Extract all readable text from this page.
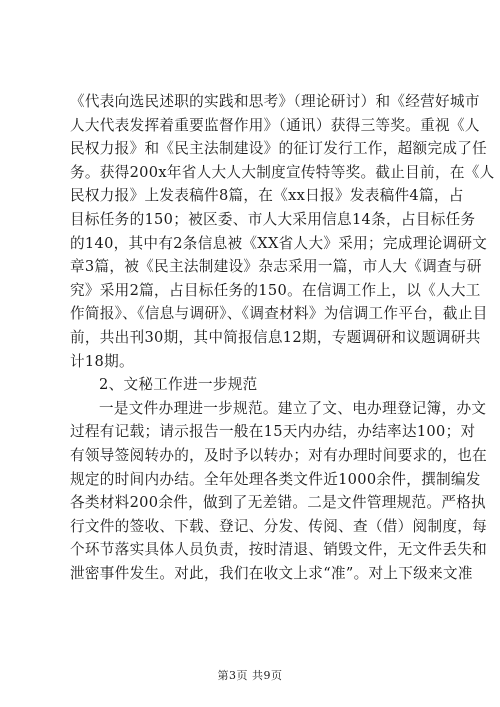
《代表向选民述职的实践和思考》（理论研讨）和《经营好城市
人大代表发挥着重要监督作用》（通讯）获得三等奖。重视《人
民权力报》和《民主法制建设》的征订发行工作，超额完成了任
务。获得200x年省人大人大制度宣传特等奖。截止目前，在《人
民权力报》上发表稿件8篇，在《xx日报》发表稿件4篇，占
目标任务的150；被区委、市人大采用信息14条，占目标任务
的140，其中有2条信息被《XX省人大》采用；完成理论调研文
章3篇，被《民主法制建设》杂志采用一篇，市人大《调查与研
究》采用2篇，占目标任务的150。在信调工作上，以《人大工
作简报》、《信息与调研》、《调查材料》为信调工作平台，截止目
前，共出刊30期，其中简报信息12期，专题调研和议题调研共
计18期。
2、文秘工作进一步规范
一是文件办理进一步规范。建立了文、电办理登记簿，办文
过程有记载；请示报告一般在15天内办结，办结率达100；对
有领导签阅转办的，及时予以转办；对有办理时间要求的，也在
规定的时间内办结。全年处理各类文件近1000余件，撰制编发
各类材料200余件，做到了无差错。二是文件管理规范。严格执
行文件的签收、下载、登记、分发、传阅、查（借）阅制度，每
个环节落实具体人员负责，按时清退、销毁文件，无文件丢失和
泄密事件发生。对此，我们在收文上求“准”。对上下级来文准
第3页 共9页
